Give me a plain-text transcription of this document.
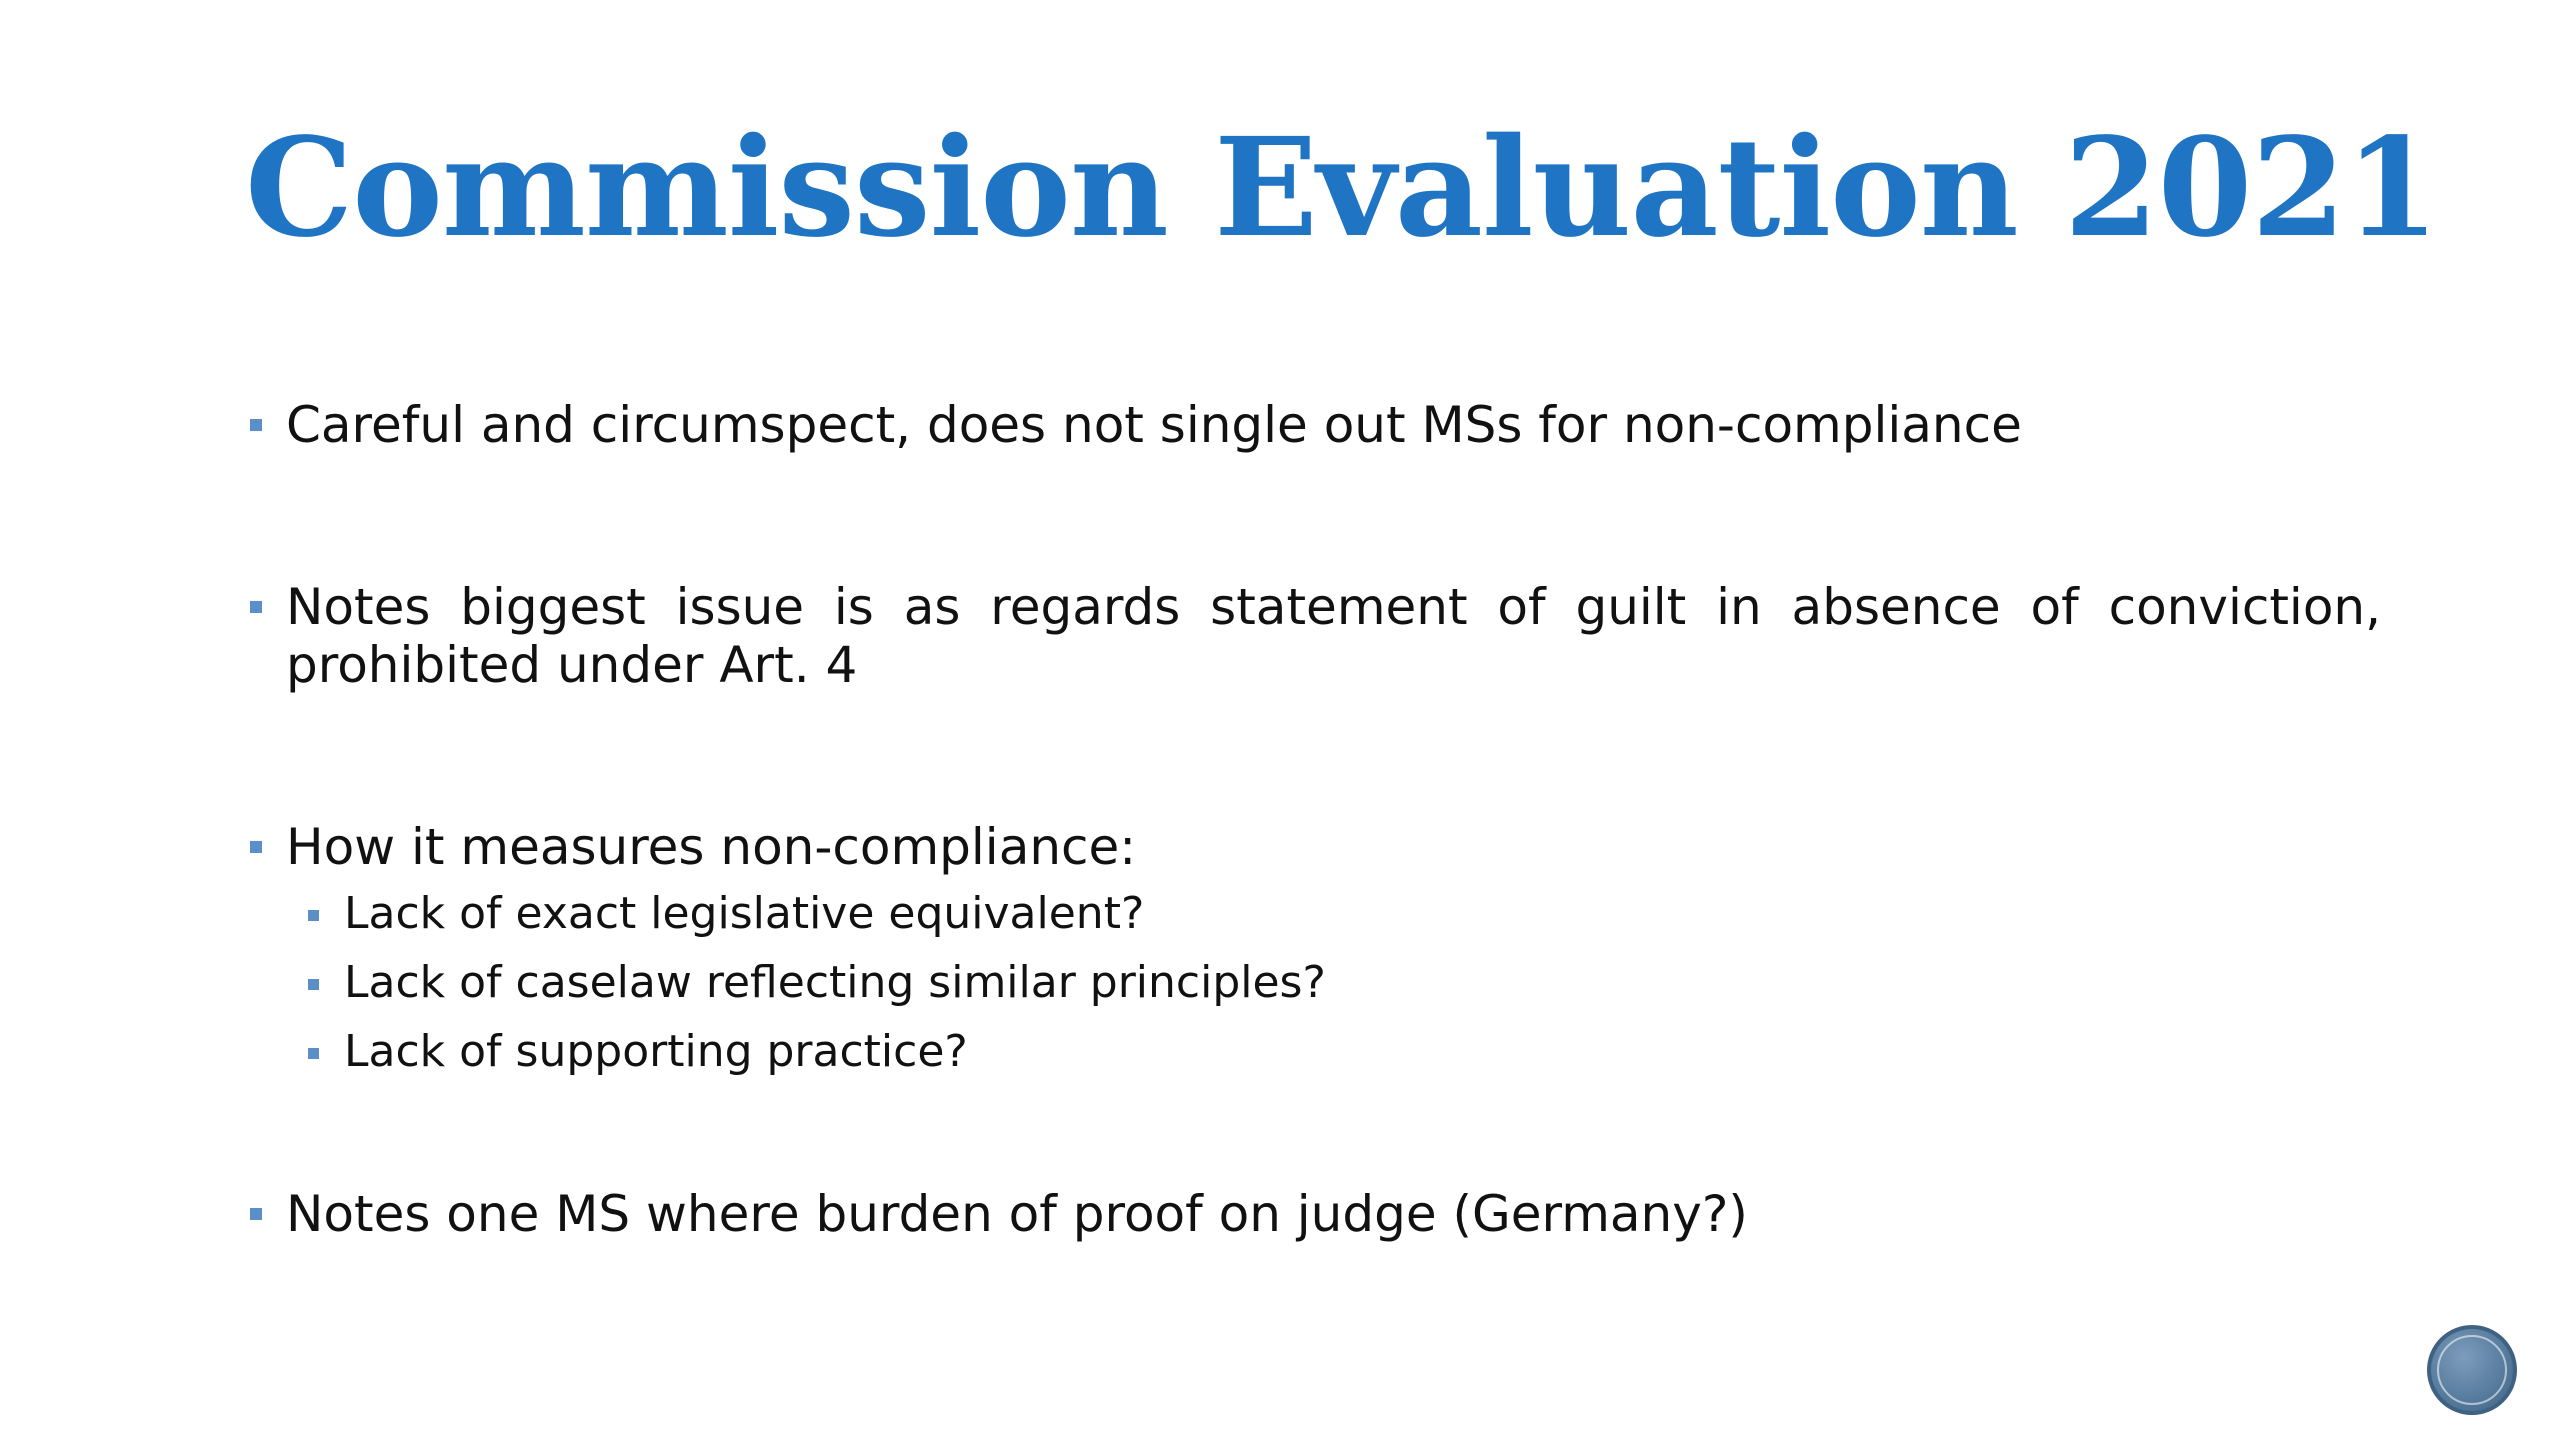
Commission Evaluation 2021
Careful and circumspect, does not single out MSs for non-compliance
Notes biggest issue is as regards statement of guilt in absence of conviction, prohibited under Art. 4
How it measures non-compliance:
Lack of exact legislative equivalent?
Lack of caselaw reflecting similar principles?
Lack of supporting practice?
Notes one MS where burden of proof on judge (Germany?)
